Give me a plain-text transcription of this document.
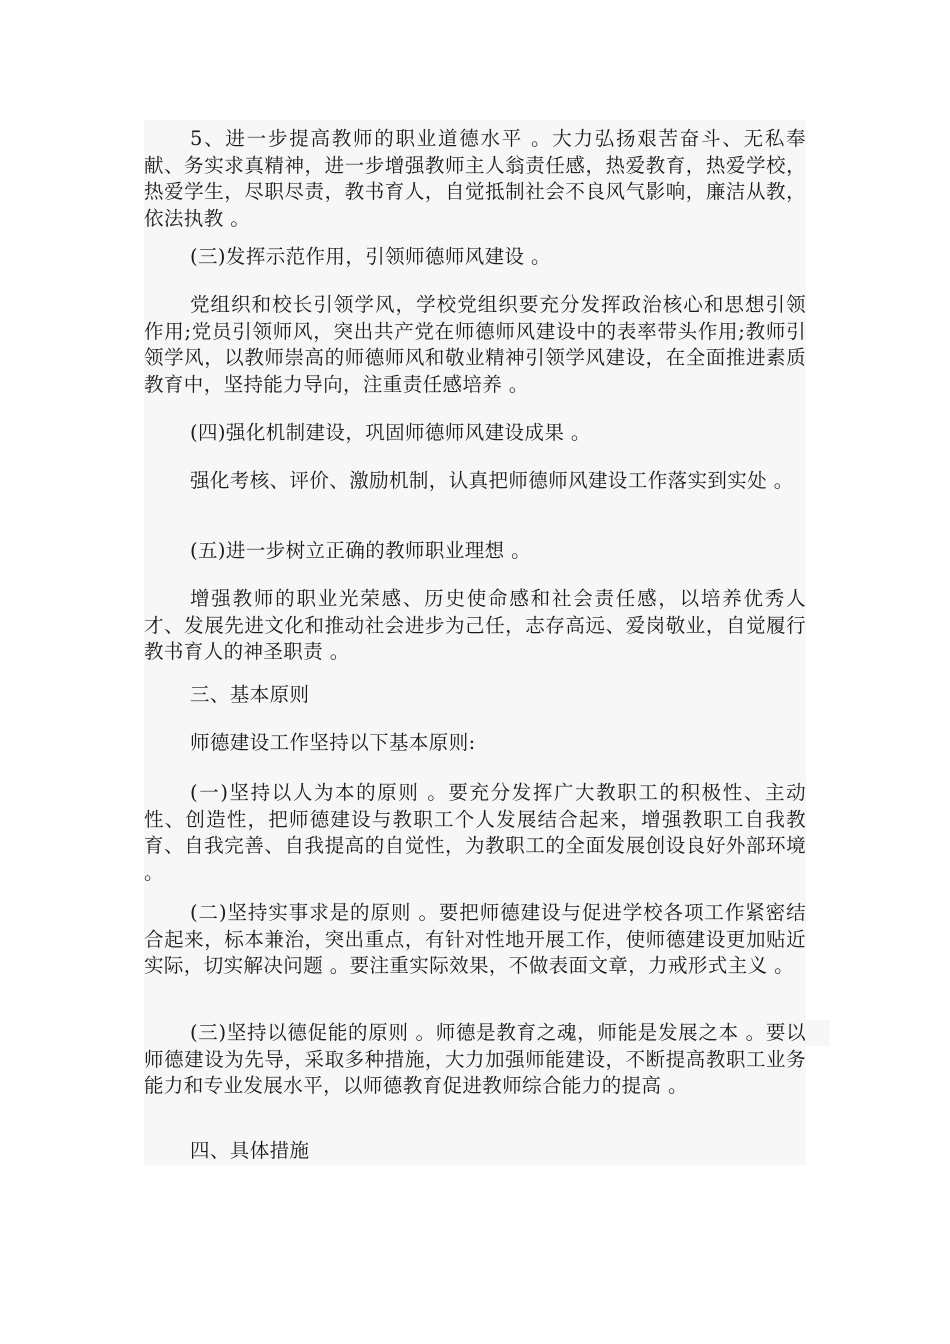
5、进一步提高教师的职业道德水平 。大力弘扬艰苦奋斗、无私奉献、务实求真精神，进一步增强教师主人翁责任感，热爱教育，热爱学校，热爱学生，尽职尽责，教书育人，自觉抵制社会不良风气影响，廉洁从教，依法执教 。

(三)发挥示范作用，引领师德师风建设 。

党组织和校长引领学风，学校党组织要充分发挥政治核心和思想引领作用;党员引领师风，突出共产党在师德师风建设中的表率带头作用;教师引领学风，以教师崇高的师德师风和敬业精神引领学风建设，在全面推进素质教育中，坚持能力导向，注重责任感培养 。

(四)强化机制建设，巩固师德师风建设成果 。

强化考核、评价、激励机制，认真把师德师风建设工作落实到实处 。

(五)进一步树立正确的教师职业理想 。

增强教师的职业光荣感、历史使命感和社会责任感，以培养优秀人才、发展先进文化和推动社会进步为己任，志存高远、爱岗敬业，自觉履行教书育人的神圣职责 。

三、基本原则

师德建设工作坚持以下基本原则:

(一)坚持以人为本的原则 。要充分发挥广大教职工的积极性、主动性、创造性，把师德建设与教职工个人发展结合起来，增强教职工自我教育、自我完善、自我提高的自觉性，为教职工的全面发展创设良好外部环境 。

(二)坚持实事求是的原则 。要把师德建设与促进学校各项工作紧密结合起来，标本兼治，突出重点，有针对性地开展工作，使师德建设更加贴近实际，切实解决问题 。要注重实际效果，不做表面文章，力戒形式主义 。

(三)坚持以德促能的原则 。师德是教育之魂，师能是发展之本 。要以师德建设为先导，采取多种措施，大力加强师能建设，不断提高教职工业务能力和专业发展水平，以师德教育促进教师综合能力的提高 。

四、具体措施
